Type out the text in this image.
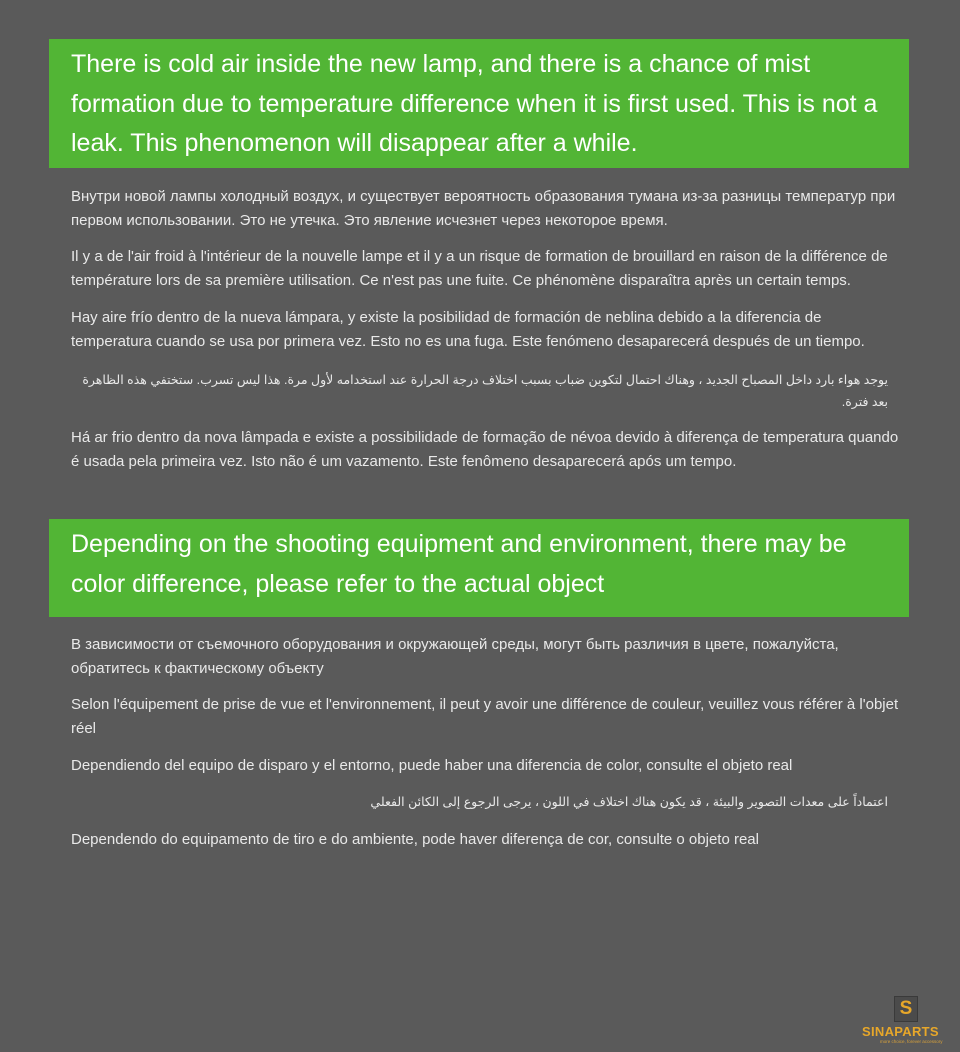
There is cold air inside the new lamp, and there is a chance of mist formation due to temperature difference when it is first used. This is not a leak. This phenomenon will disappear after a while.

Внутри новой лампы холодный воздух, и существует вероятность образования тумана из-за разницы температур при первом использовании. Это не утечка. Это явление исчезнет через некоторое время.

Il y a de l'air froid à l'intérieur de la nouvelle lampe et il y a un risque de formation de brouillard en raison de la différence de température lors de sa première utilisation. Ce n'est pas une fuite. Ce phénomène disparaîtra après un certain temps.

Hay aire frío dentro de la nueva lámpara, y existe la posibilidad de formación de neblina debido a la diferencia de temperatura cuando se usa por primera vez. Esto no es una fuga. Este fenómeno desaparecerá después de un tiempo.

يوجد هواء بارد داخل المصباح الجديد ، وهناك احتمال لتكوين ضباب بسبب اختلاف درجة الحرارة عند استخدامه لأول مرة. هذا ليس تسرب. ستختفي هذه الظاهرة بعد فترة.

Há ar frio dentro da nova lâmpada e existe a possibilidade de formação de névoa devido à diferença de temperatura quando é usada pela primeira vez. Isto não é um vazamento. Este fenômeno desaparecerá após um tempo.

Depending on the shooting equipment and environment, there may be color difference, please refer to the actual object

В зависимости от съемочного оборудования и окружающей среды, могут быть различия в цвете, пожалуйста, обратитесь к фактическому объекту

Selon l'équipement de prise de vue et l'environnement, il peut y avoir une différence de couleur, veuillez vous référer à l'objet réel

Dependiendo del equipo de disparo y el entorno, puede haber una diferencia de color, consulte el objeto real

اعتماداً على معدات التصوير والبيئة ، قد يكون هناك اختلاف في اللون ، يرجى الرجوع إلى الكائن الفعلي

Dependendo do equipamento de tiro e do ambiente, pode haver diferença de cor, consulte o objeto real

S
SINAPARTS
more choice, forever accessory
